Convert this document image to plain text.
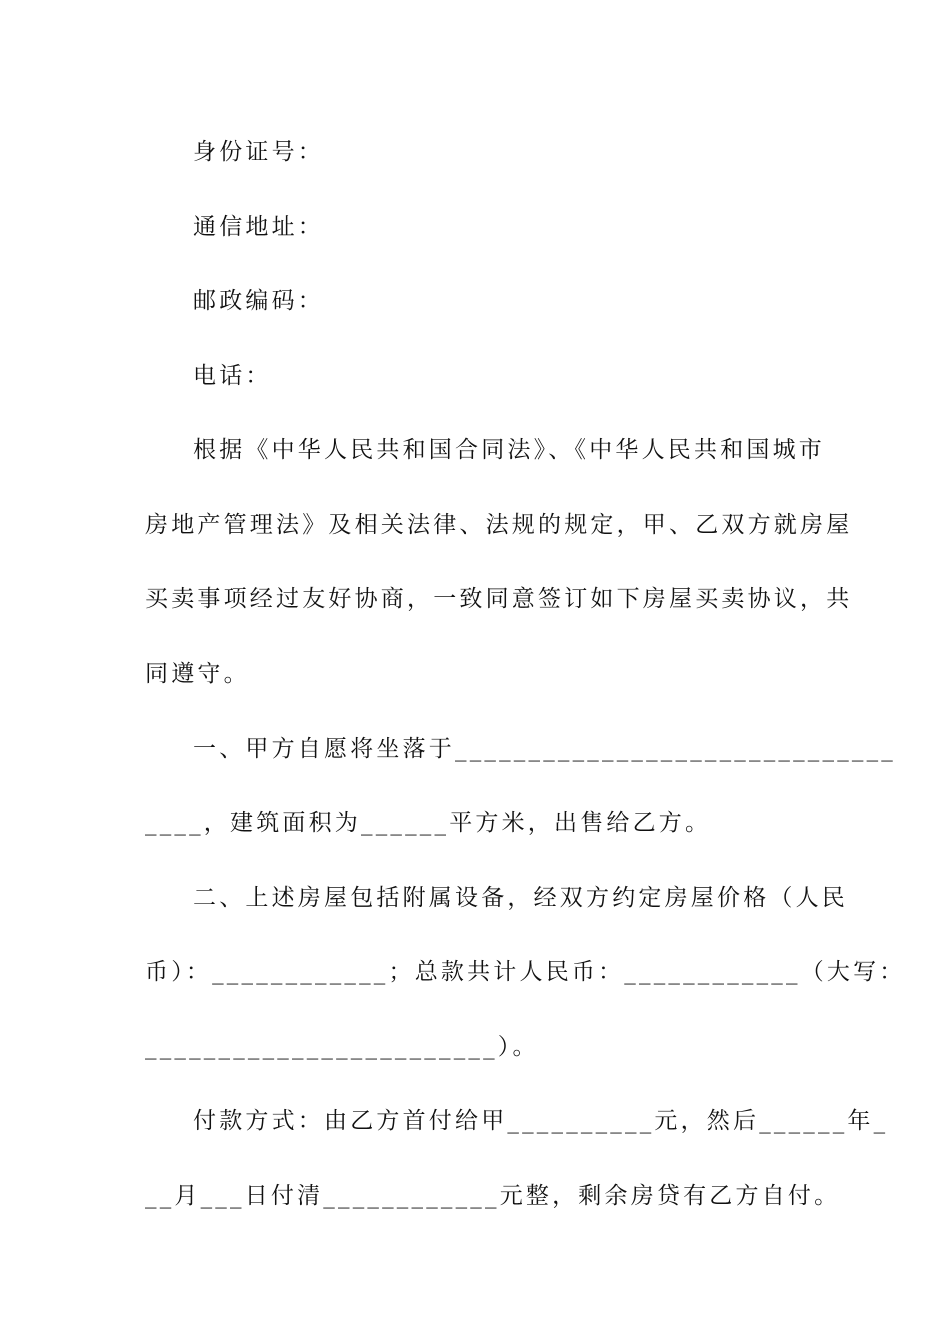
身份证号：
通信地址：
邮政编码：
电话：
根据《中华人民共和国合同法》、《中华人民共和国城市
房地产管理法》及相关法律、法规的规定，甲、乙双方就房屋
买卖事项经过友好协商，一致同意签订如下房屋买卖协议，共
同遵守。
一、甲方自愿将坐落于______________________________
____，建筑面积为______平方米，出售给乙方。
二、上述房屋包括附属设备，经双方约定房屋价格（人民
币）：____________；总款共计人民币：____________（大写：
________________________）。
付款方式：由乙方首付给甲__________元，然后______年_
__月___日付清____________元整，剩余房贷有乙方自付。
